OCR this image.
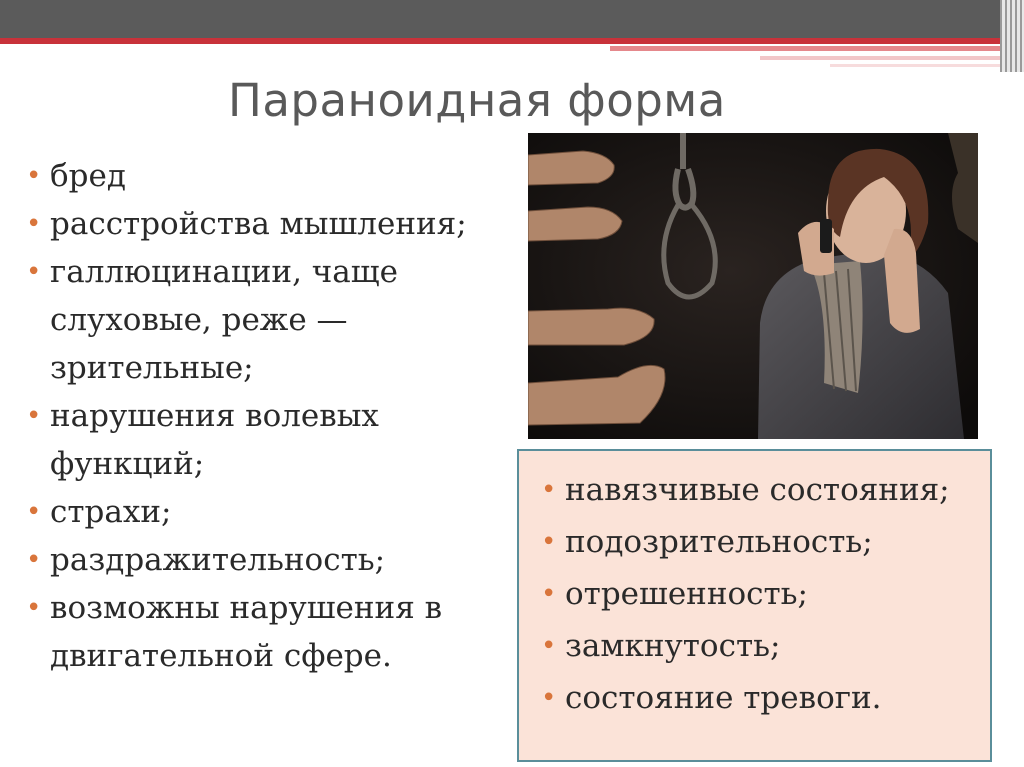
Параноидная форма
• бред
• расстройства мышления;
• галлюцинации, чаще слуховые, реже — зрительные;
• нарушения волевых функций;
• страхи;
• раздражительность;
• возможны нарушения в двигательной сфере.
• навязчивые состояния;
• подозрительность;
• отрешенность;
• замкнутость;
• состояние тревоги.
